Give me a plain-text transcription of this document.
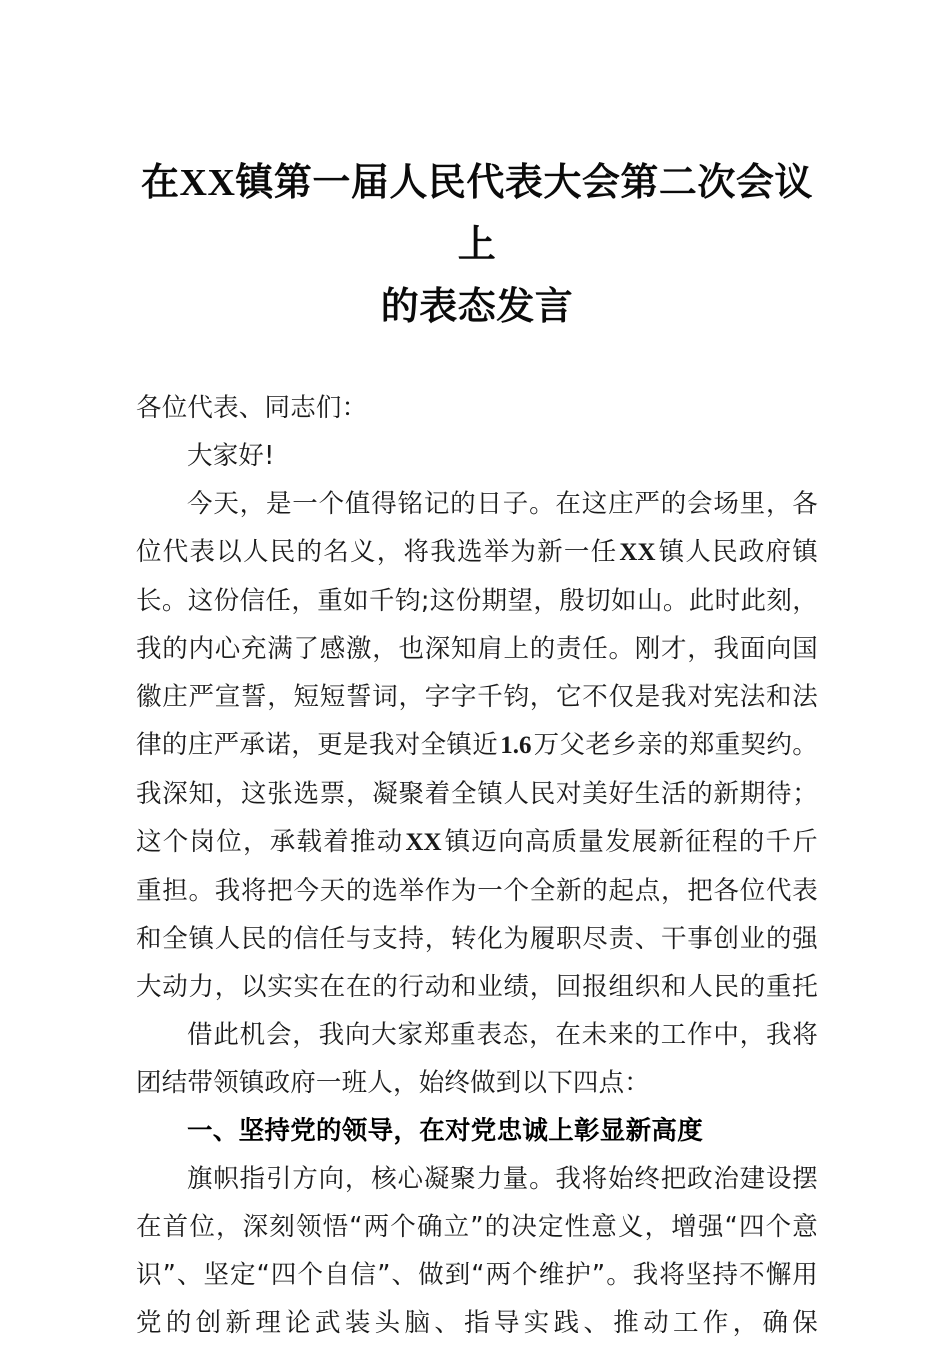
在XX镇第一届人民代表大会第二次会议上
的表态发言

各位代表、同志们：

大家好!

今天，是一个值得铭记的日子。在这庄严的会场里，各位代表以人民的名义，将我选举为新一任XX镇人民政府镇长。这份信任，重如千钧;这份期望，殷切如山。此时此刻，我的内心充满了感激，也深知肩上的责任。刚才，我面向国徽庄严宣誓，短短誓词，字字千钧，它不仅是我对宪法和法律的庄严承诺，更是我对全镇近1.6万父老乡亲的郑重契约。我深知，这张选票，凝聚着全镇人民对美好生活的新期待；这个岗位，承载着推动XX镇迈向高质量发展新征程的千斤重担。我将把今天的选举作为一个全新的起点，把各位代表和全镇人民的信任与支持，转化为履职尽责、干事创业的强大动力，以实实在在的行动和业绩，回报组织和人民的重托

借此机会，我向大家郑重表态，在未来的工作中，我将团结带领镇政府一班人，始终做到以下四点：

一、坚持党的领导，在对党忠诚上彰显新高度

旗帜指引方向，核心凝聚力量。我将始终把政治建设摆在首位，深刻领悟“两个确立”的决定性意义，增强“四个意识”、坚定“四个自信”、做到“两个维护”。我将坚持不懈用党的创新理论武装头脑、指导实践、推动工作，确保
